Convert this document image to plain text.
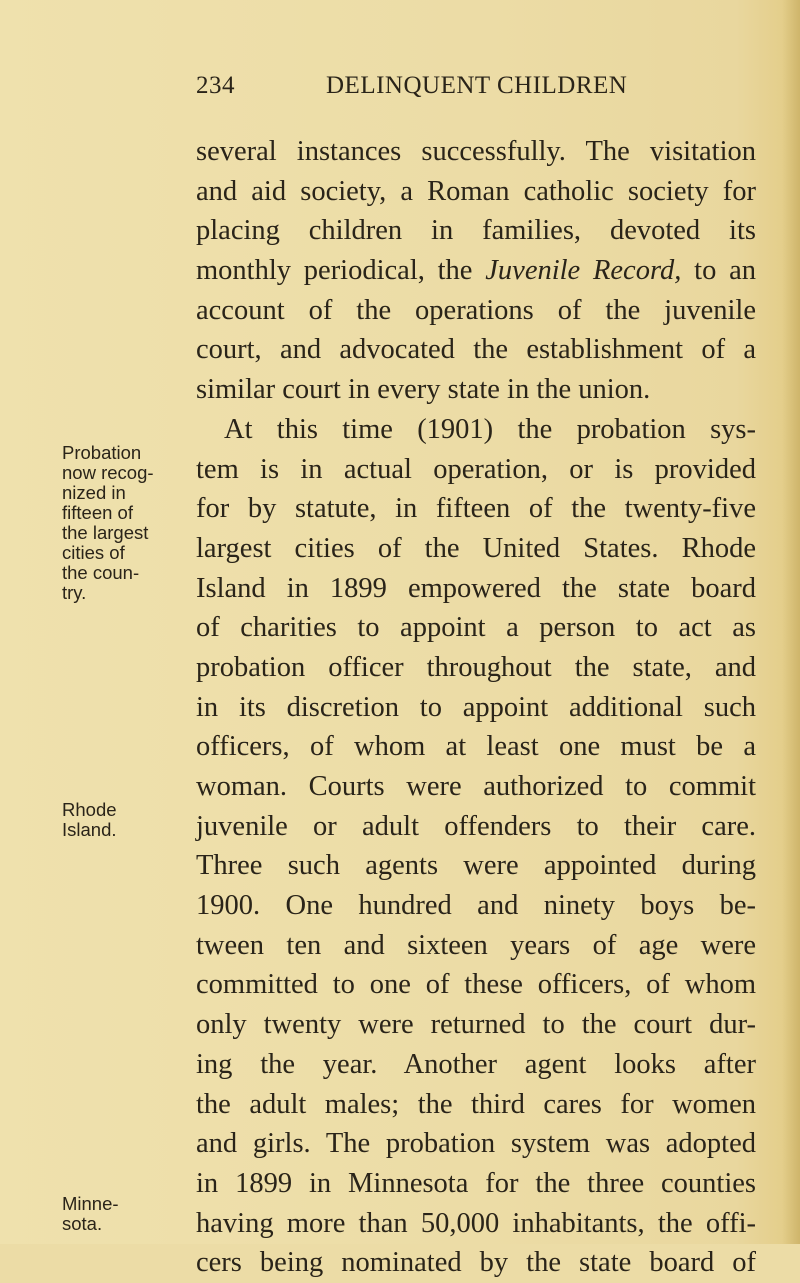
234	DELINQUENT CHILDREN
several instances successfully. The visitation
and aid society, a Roman catholic society for
placing children in families, devoted its
monthly periodical, the Juvenile Record, to an
account of the operations of the juvenile
court, and advocated the establishment of a
similar court in every state in the union.
At this time (1901) the probation sys-
tem is in actual operation, or is provided
for by statute, in fifteen of the twenty-five
largest cities of the United States. Rhode
Island in 1899 empowered the state board
of charities to appoint a person to act as
probation officer throughout the state, and
in its discretion to appoint additional such
officers, of whom at least one must be a
woman. Courts were authorized to commit
juvenile or adult offenders to their care.
Three such agents were appointed during
1900. One hundred and ninety boys be-
tween ten and sixteen years of age were
committed to one of these officers, of whom
only twenty were returned to the court dur-
ing the year. Another agent looks after
the adult males; the third cares for women
and girls. The probation system was adopted
in 1899 in Minnesota for the three counties
having more than 50,000 inhabitants, the offi-
cers being nominated by the state board of
Probation
now recog-
nized in
fifteen of
the largest
cities of
the coun-
try.
Rhode
Island.
Minne-
sota.
